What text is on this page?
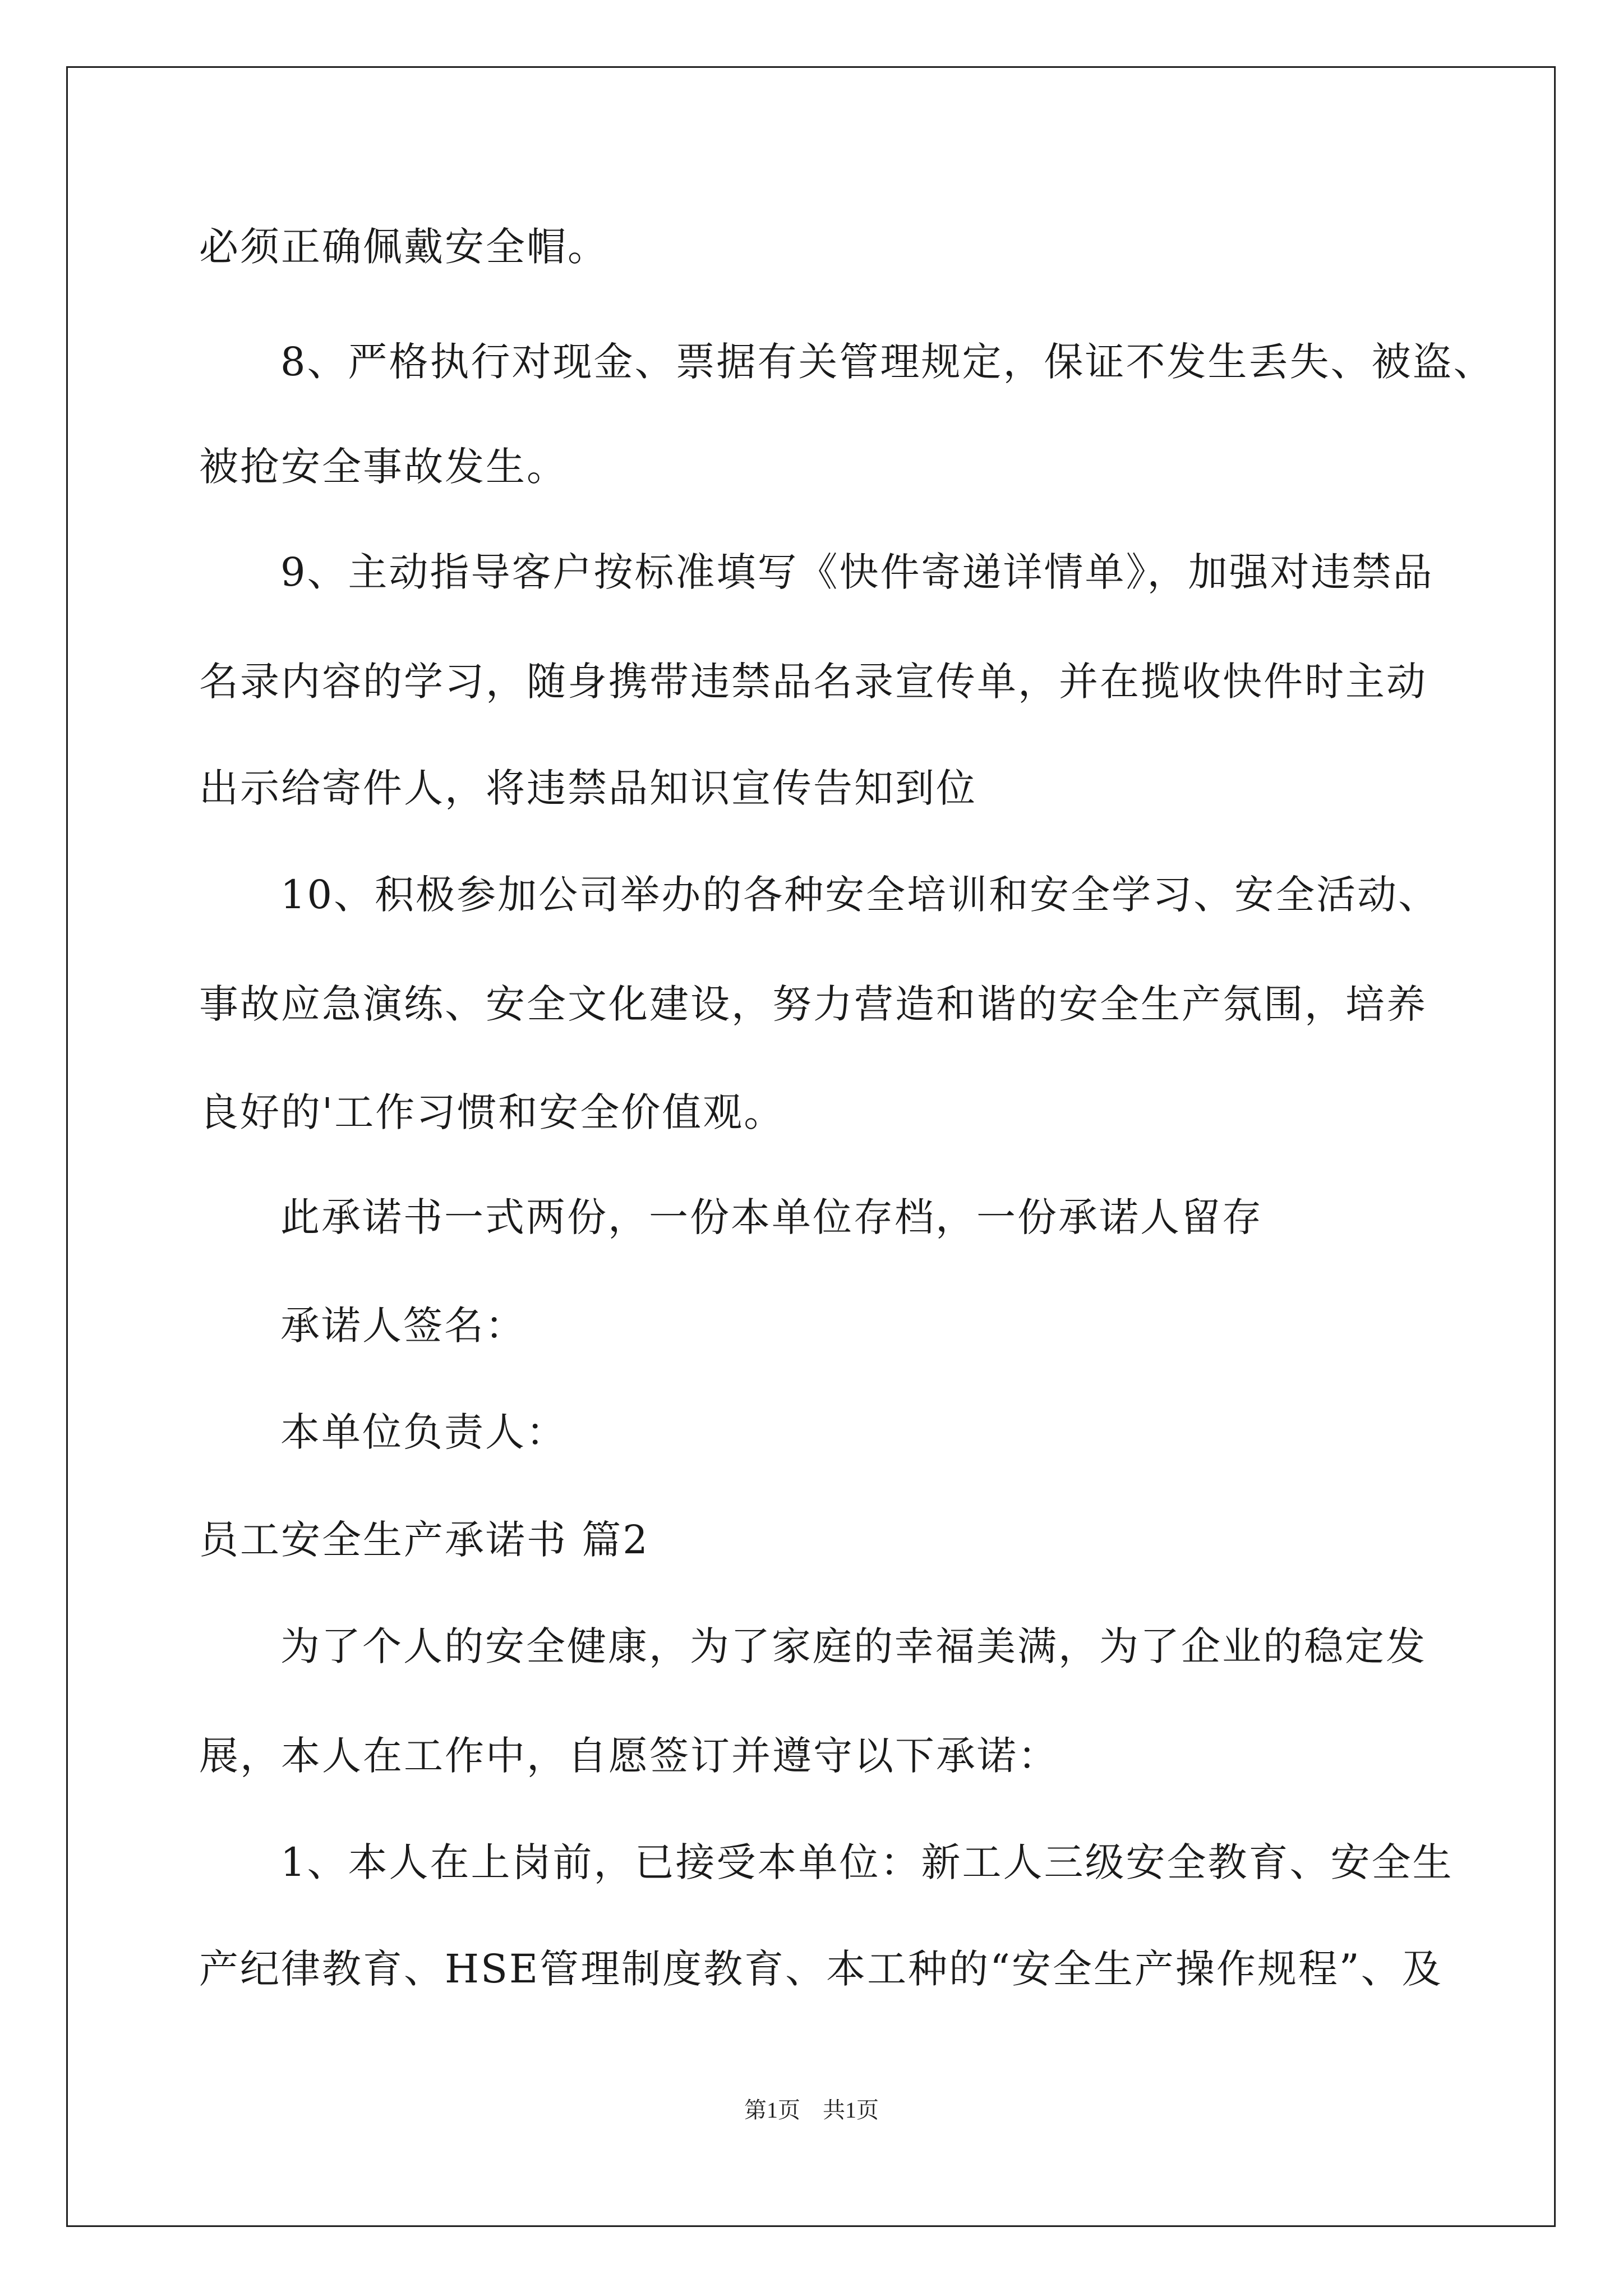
必须正确佩戴安全帽。
8、严格执行对现金、票据有关管理规定，保证不发生丢失、被盗、
被抢安全事故发生。
9、主动指导客户按标准填写《快件寄递详情单》，加强对违禁品
名录内容的学习，随身携带违禁品名录宣传单，并在揽收快件时主动
出示给寄件人，将违禁品知识宣传告知到位
10、积极参加公司举办的各种安全培训和安全学习、安全活动、
事故应急演练、安全文化建设，努力营造和谐的安全生产氛围，培养
良好的'工作习惯和安全价值观。
此承诺书一式两份，一份本单位存档，一份承诺人留存
承诺人签名：
本单位负责人：
员工安全生产承诺书 篇2
为了个人的安全健康，为了家庭的幸福美满，为了企业的稳定发
展，本人在工作中，自愿签订并遵守以下承诺：
1、本人在上岗前，已接受本单位：新工人三级安全教育、安全生
产纪律教育、HSE管理制度教育、本工种的“安全生产操作规程”、及
第1页　共1页
